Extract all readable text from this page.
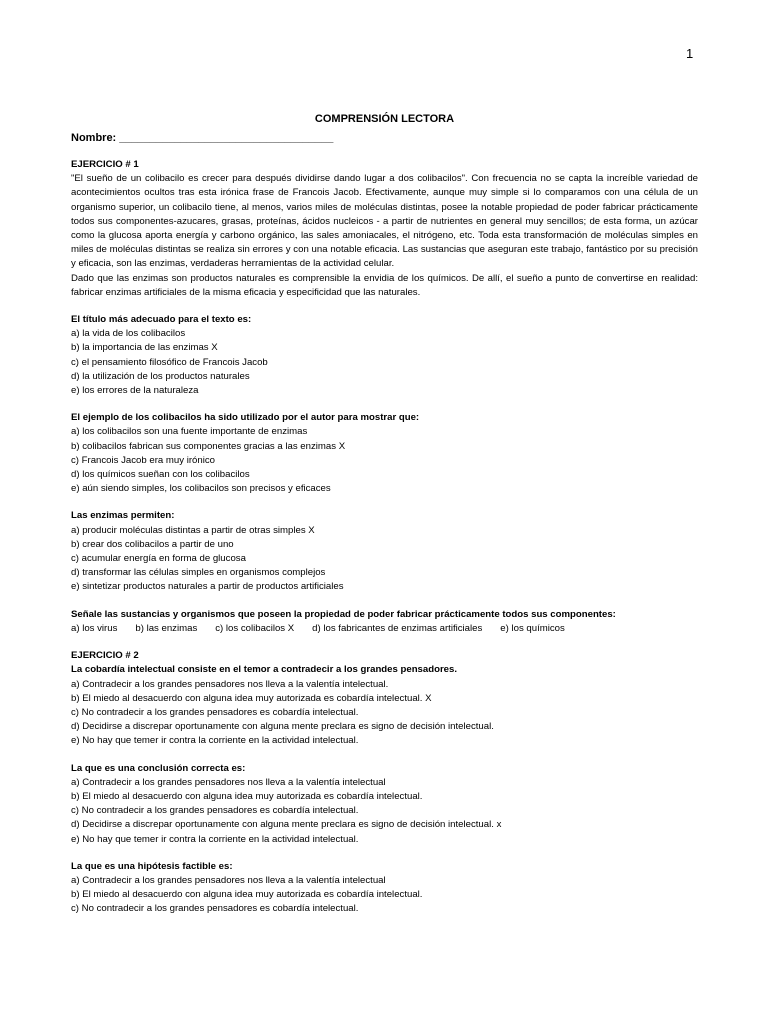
1
COMPRENSIÓN LECTORA
Nombre: ___________________________________
EJERCICIO # 1
"El sueño de un colibacilo es crecer para después dividirse dando lugar a dos colibacilos". Con frecuencia no se capta la increíble variedad de acontecimientos ocultos tras esta irónica frase de Francois Jacob. Efectivamente, aunque muy simple si lo comparamos con una célula de un organismo superior, un colibacilo tiene, al menos, varios miles de moléculas distintas, posee la notable propiedad de poder fabricar prácticamente todos sus componentes-azucares, grasas, proteínas, ácidos nucleicos - a partir de nutrientes en general muy sencillos; de esta forma, un azúcar como la glucosa aporta energía y carbono orgánico, las sales amoniacales, el nitrógeno, etc. Toda esta transformación de moléculas simples en miles de moléculas distintas se realiza sin errores y con una notable eficacia. Las sustancias que aseguran este trabajo, fantástico por su precisión y eficacia, son las enzimas, verdaderas herramientas de la actividad celular.
Dado que las enzimas son productos naturales es comprensible la envidia de los químicos. De allí, el sueño a punto de convertirse en realidad: fabricar enzimas artificiales de la misma eficacia y especificidad que las naturales.
El título más adecuado para el texto es:
a) la vida de los colibacilos
b) la importancia de las enzimas X
c) el pensamiento filosófico de Francois Jacob
d) la utilización de los productos naturales
e) los errores de la naturaleza
El ejemplo de los colibacilos ha sido utilizado por el autor para mostrar que:
a) los colibacilos son una fuente importante de enzimas
b) colibacilos fabrican sus componentes gracias a las enzimas X
c) Francois Jacob era muy irónico
d) los químicos sueñan con los colibacilos
e) aún siendo simples, los colibacilos son precisos y eficaces
Las enzimas permiten:
a) producir moléculas distintas a partir de otras simples X
b) crear dos colibacilos a partir de uno
c) acumular energía en forma de glucosa
d) transformar las células simples en organismos complejos
e) sintetizar productos naturales a partir de productos artificiales
Señale las sustancias y organismos que poseen la propiedad de poder fabricar prácticamente todos sus componentes:
a) los virus b) las enzimas c) los colibacilos X d) los fabricantes de enzimas artificiales e) los químicos
EJERCICIO # 2
La cobardía intelectual consiste en el temor a contradecir a los grandes pensadores.
a) Contradecir a los grandes pensadores nos lleva a la valentía intelectual.
b) El miedo al desacuerdo con alguna idea muy autorizada es cobardía intelectual. X
c) No contradecir a los grandes pensadores es cobardía intelectual.
d) Decidirse a discrepar oportunamente con alguna mente preclara es signo de decisión intelectual.
e) No hay que temer ir contra la corriente en la actividad intelectual.
La que es una conclusión correcta es:
a) Contradecir a los grandes pensadores nos lleva a la valentía intelectual
b) El miedo al desacuerdo con alguna idea muy autorizada es cobardía intelectual.
c) No contradecir a los grandes pensadores es cobardía intelectual.
d) Decidirse a discrepar oportunamente con alguna mente preclara es signo de decisión intelectual. x
e) No hay que temer ir contra la corriente en la actividad intelectual.
La que es una hipótesis factible es:
a) Contradecir a los grandes pensadores nos lleva a la valentía intelectual
b) El miedo al desacuerdo con alguna idea muy autorizada es cobardía intelectual.
c) No contradecir a los grandes pensadores es cobardía intelectual.
